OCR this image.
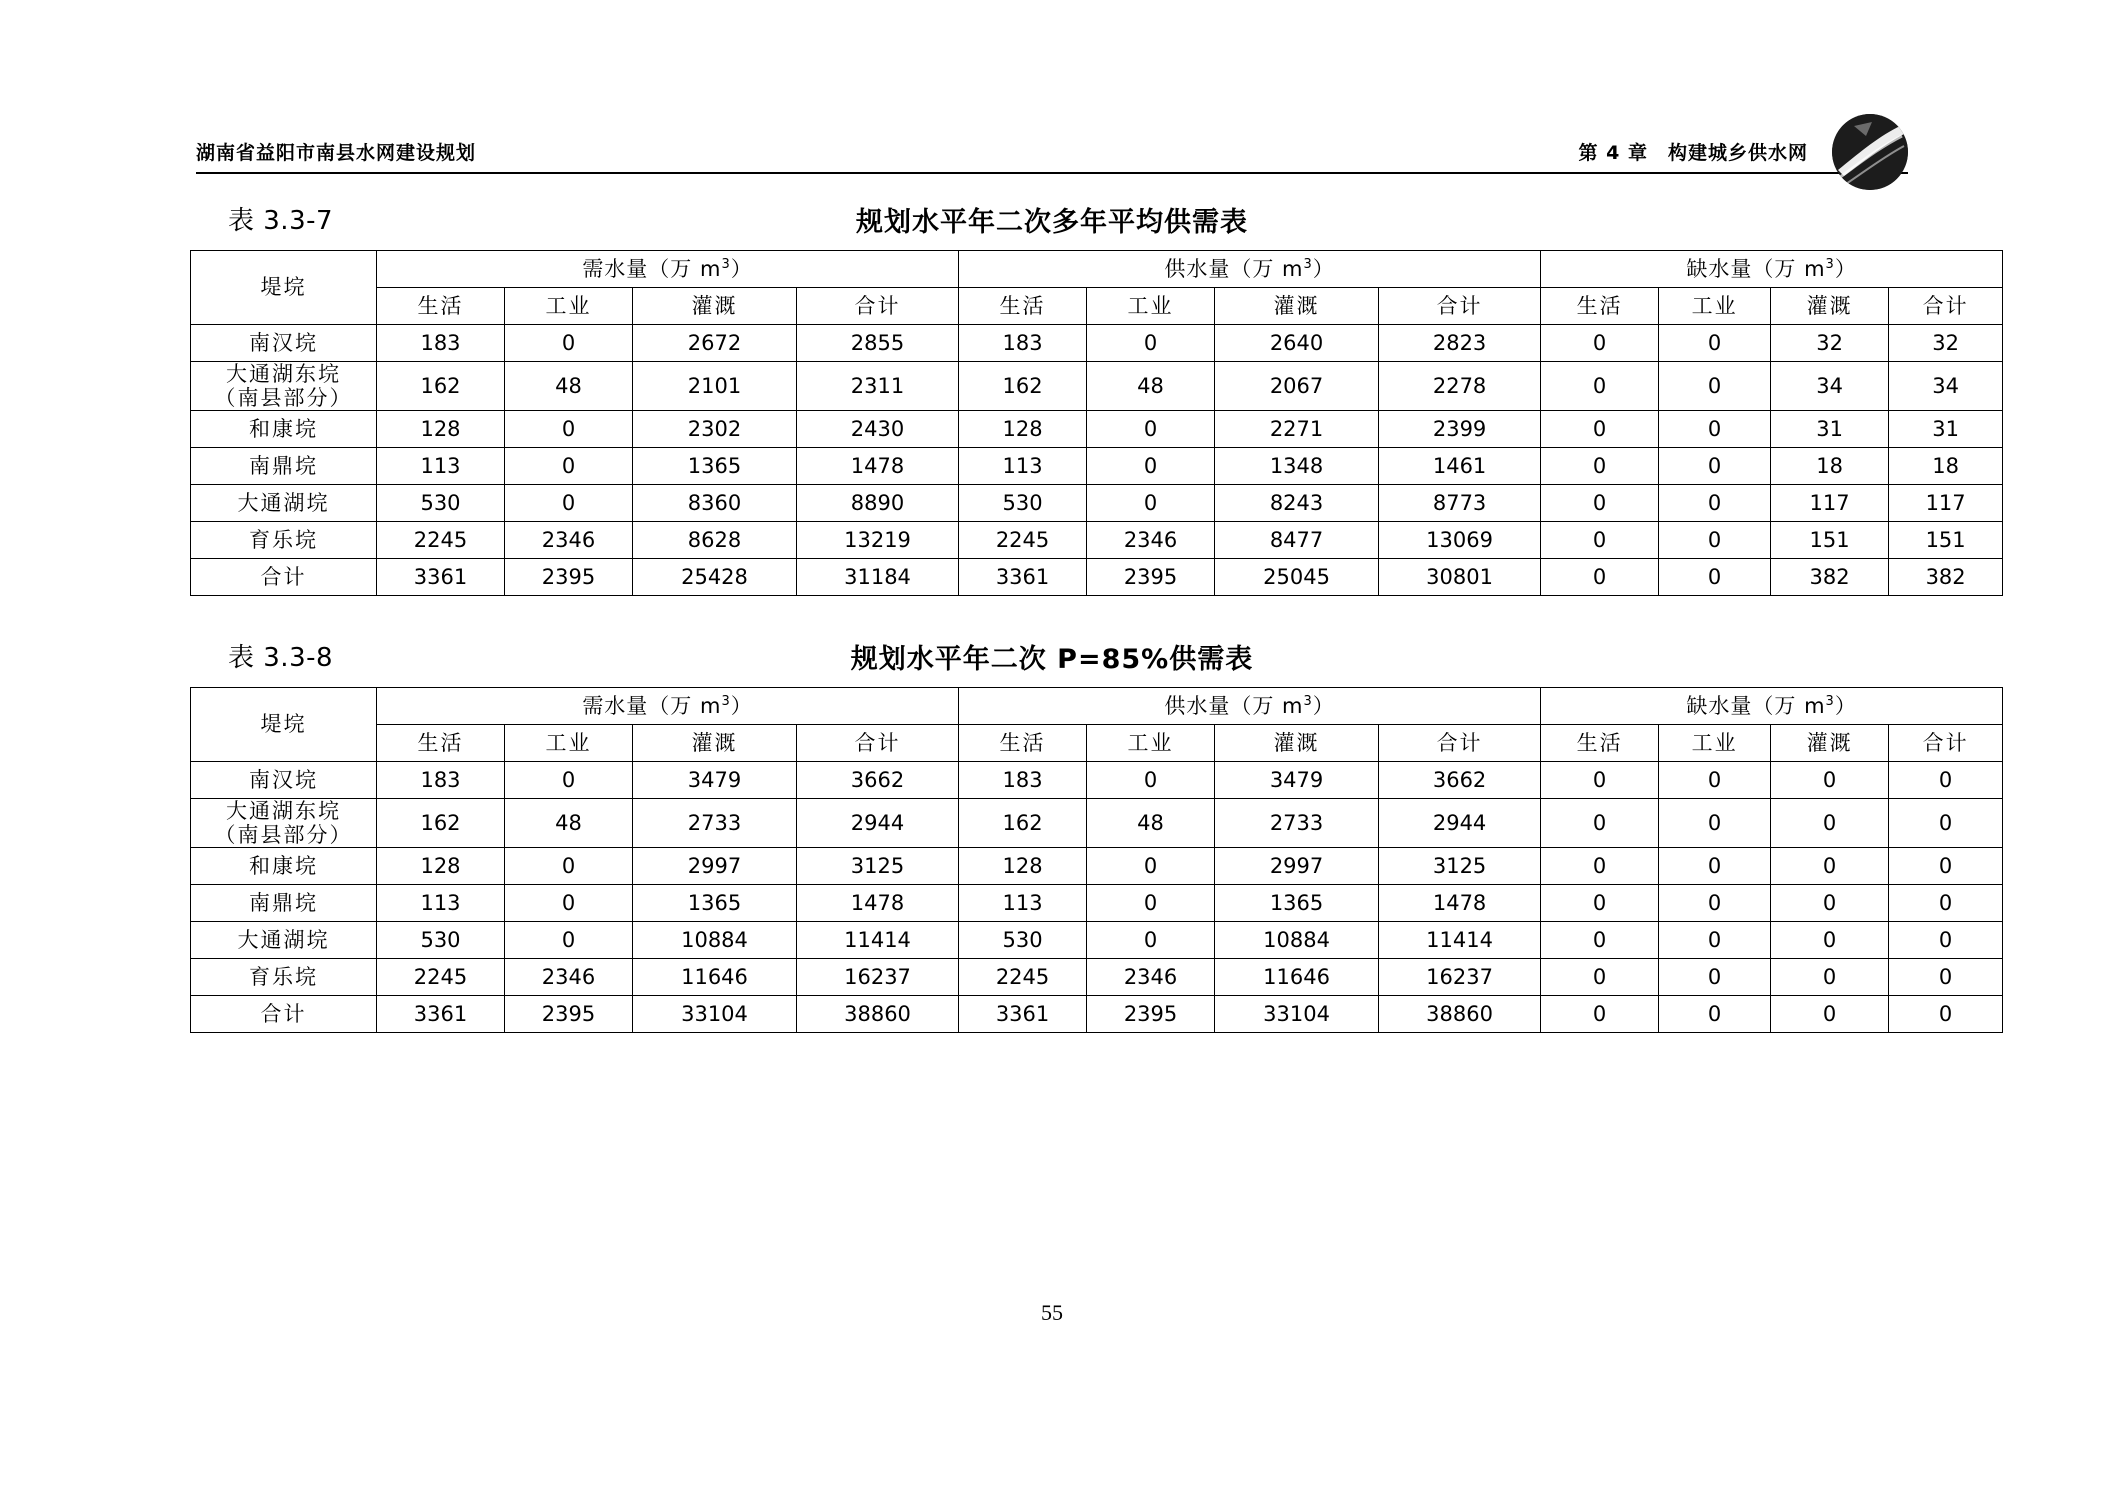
湖南省益阳市南县水网建设规划	第 4 章　构建城乡供水网
表 3.3-7	规划水平年二次多年平均供需表
堤垸	需水量（万 $m^3$）				供水量（万 $m^3$）				缺水量（万 $m^3$）			
	生活	工业	灌溉	合计	生活	工业	灌溉	合计	生活	工业	灌溉	合计
南汉垸	183	0	2672	2855	183	0	2640	2823	0	0	32	32

大通湖东垸
（南县部分）	162	48	2101	2311	162	48	2067	2278	0	0	34	34
和康垸	128	0	2302	2430	128	0	2271	2399	0	0	31	31
南鼎垸	113	0	1365	1478	113	0	1348	1461	0	0	18	18
大通湖垸	530	0	8360	8890	530	0	8243	8773	0	0	117	117
育乐垸	2245	2346	8628	13219	2245	2346	8477	13069	0	0	151	151
合计	3361	2395	25428	31184	3361	2395	25045	30801	0	0	382	382
表 3.3-8	规划水平年二次 P=85%供需表
堤垸	需水量（万 $m^3$）				供水量（万 $m^3$）				缺水量（万 $m^3$）			
	生活	工业	灌溉	合计	生活	工业	灌溉	合计	生活	工业	灌溉	合计
南汉垸	183	0	3479	3662	183	0	3479	3662	0	0	0	0

大通湖东垸
（南县部分）	162	48	2733	2944	162	48	2733	2944	0	0	0	0
和康垸	128	0	2997	3125	128	0	2997	3125	0	0	0	0
南鼎垸	113	0	1365	1478	113	0	1365	1478	0	0	0	0
大通湖垸	530	0	10884	11414	530	0	10884	11414	0	0	0	0
育乐垸	2245	2346	11646	16237	2245	2346	11646	16237	0	0	0	0
合计	3361	2395	33104	38860	3361	2395	33104	38860	0	0	0	0
55
